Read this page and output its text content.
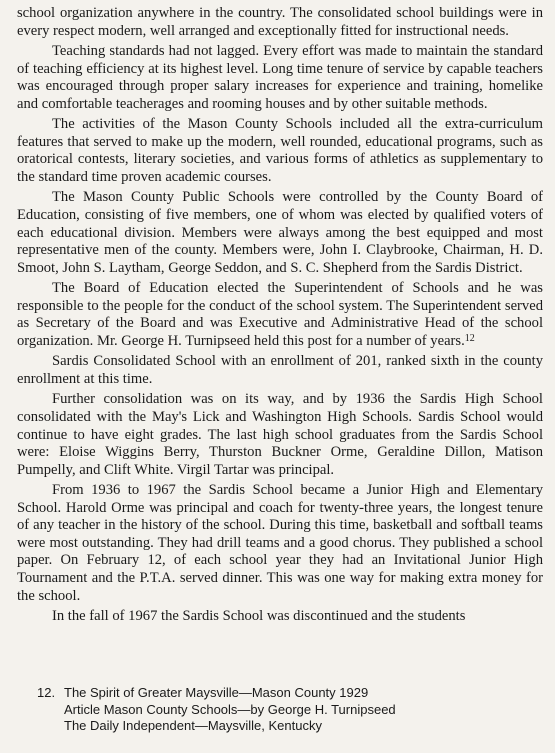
school organization anywhere in the country. The consolidated school buildings were in every respect modern, well arranged and exceptionally fitted for instructional needs.

Teaching standards had not lagged. Every effort was made to maintain the standard of teaching efficiency at its highest level. Long time tenure of service by capable teachers was encouraged through proper salary increases for experience and training, homelike and comfortable teacherages and rooming houses and by other suitable methods.

The activities of the Mason County Schools included all the extra-curriculum features that served to make up the modern, well rounded, educational programs, such as oratorical contests, literary societies, and various forms of athletics as supplementary to the standard time proven academic courses.

The Mason County Public Schools were controlled by the County Board of Education, consisting of five members, one of whom was elected by qualified voters of each educational division. Members were always among the best equipped and most representative men of the county. Members were, John I. Claybrooke, Chairman, H. D. Smoot, John S. Laytham, George Seddon, and S. C. Shepherd from the Sardis District.

The Board of Education elected the Superintendent of Schools and he was responsible to the people for the conduct of the school system. The Superintendent served as Secretary of the Board and was Executive and Administrative Head of the school organization. Mr. George H. Turnipseed held this post for a number of years.$^{12}$

Sardis Consolidated School with an enrollment of 201, ranked sixth in the county enrollment at this time.

Further consolidation was on its way, and by 1936 the Sardis High School consolidated with the May's Lick and Washington High Schools. Sardis School would continue to have eight grades. The last high school graduates from the Sardis School were: Eloise Wiggins Berry, Thurston Buckner Orme, Geraldine Dillon, Matison Pumpelly, and Clift White. Virgil Tartar was principal.

From 1936 to 1967 the Sardis School became a Junior High and Elementary School. Harold Orme was principal and coach for twenty-three years, the longest tenure of any teacher in the history of the school. During this time, basketball and softball teams were most outstanding. They had drill teams and a good chorus. They published a school paper. On February 12, of each school year they had an Invitational Junior High Tournament and the P.T.A. served dinner. This was one way for making extra money for the school.

In the fall of 1967 the Sardis School was discontinued and the students

12. The Spirit of Greater Maysville—Mason County 1929
Article Mason County Schools—by George H. Turnipseed
The Daily Independent—Maysville, Kentucky
